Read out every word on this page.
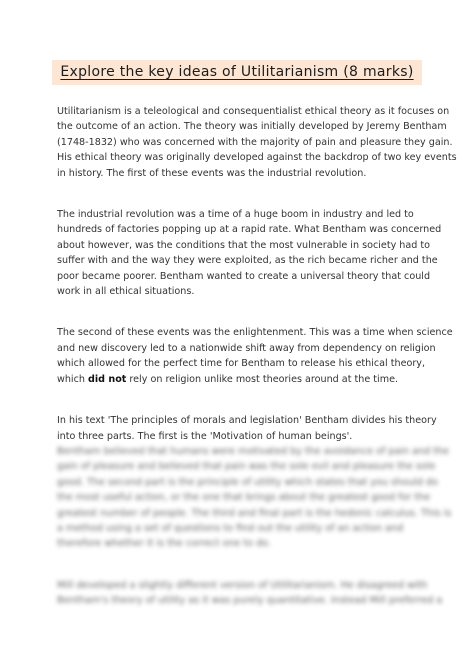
Explore the key ideas of Utilitarianism (8 marks)

Utilitarianism is a teleological and consequentialist ethical theory as it focuses on
the outcome of an action. The theory was initially developed by Jeremy Bentham
(1748-1832) who was concerned with the majority of pain and pleasure they gain.
His ethical theory was originally developed against the backdrop of two key events
in history. The first of these events was the industrial revolution.

The industrial revolution was a time of a huge boom in industry and led to
hundreds of factories popping up at a rapid rate. What Bentham was concerned
about however, was the conditions that the most vulnerable in society had to
suffer with and the way they were exploited, as the rich became richer and the
poor became poorer. Bentham wanted to create a universal theory that could
work in all ethical situations.

The second of these events was the enlightenment. This was a time when science
and new discovery led to a nationwide shift away from dependency on religion
which allowed for the perfect time for Bentham to release his ethical theory,
which did not rely on religion unlike most theories around at the time.

In his text 'The principles of morals and legislation' Bentham divides his theory
into three parts. The first is the 'Motivation of human beings'.

Bentham believed that humans were motivated by the avoidance of pain and the
gain of pleasure and believed that pain was the sole evil and pleasure the sole
good. The second part is the principle of utility which states that you should do
the most useful action, or the one that brings about the greatest good for the
greatest number of people. The third and final part is the hedonic calculus. This is
a method using a set of questions to find out the utility of an action and
therefore whether it is the correct one to do.

Mill developed a slightly different version of Utilitarianism. He disagreed with
Bentham's theory of utility as it was purely quantitative. Instead Mill preferred a
